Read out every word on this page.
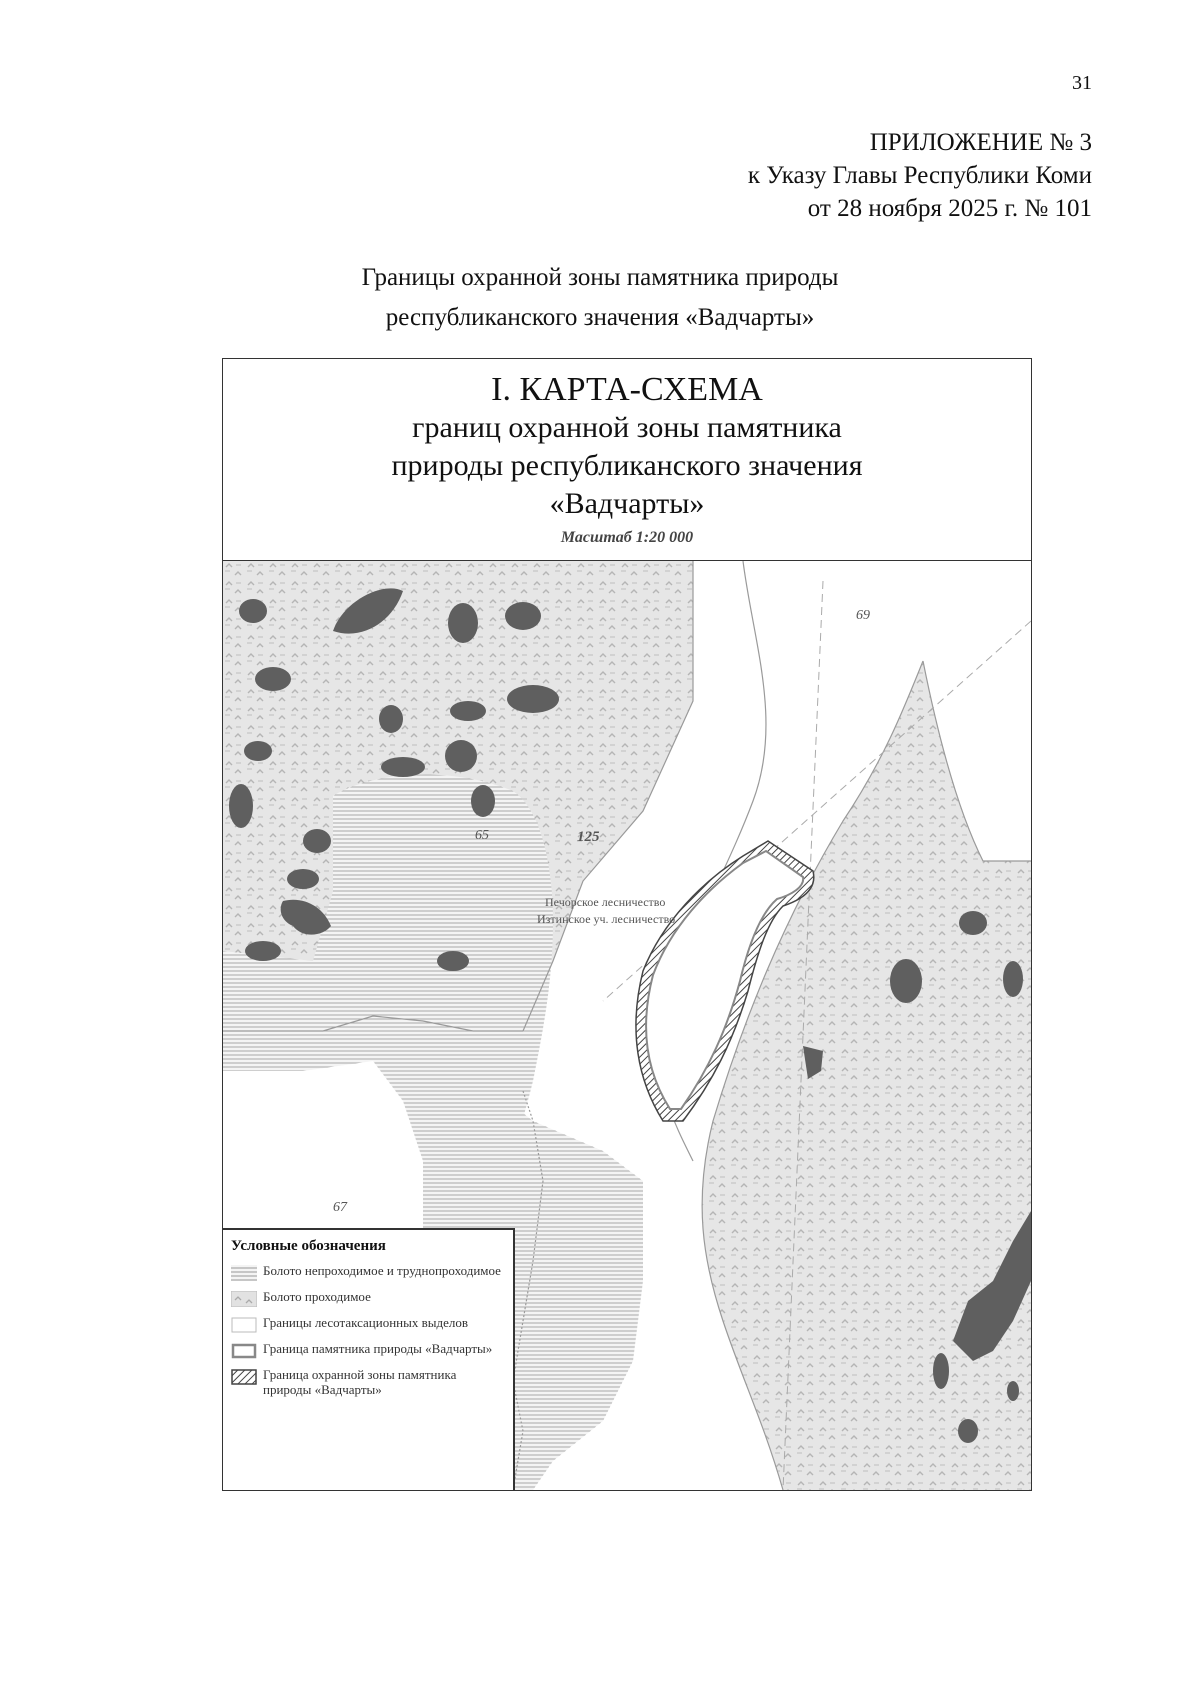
31
ПРИЛОЖЕНИЕ № 3
к Указу Главы Республики Коми
от 28 ноября 2025 г. № 101
Границы охранной зоны памятника природы
республиканского значения «Вадчарты»
I. КАРТА-СХЕМА
границ охранной зоны памятника
природы республиканского значения
«Вадчарты»
Масштаб 1:20 000
69
65	125
67
Печорское лесничество
Изтинское уч. лесничество
Условные обозначения
Болото непроходимое и труднопроходимое
Болото проходимое
Границы лесотаксационных выделов
Граница памятника природы «Вадчарты»
Граница охранной зоны памятника природы «Вадчарты»
